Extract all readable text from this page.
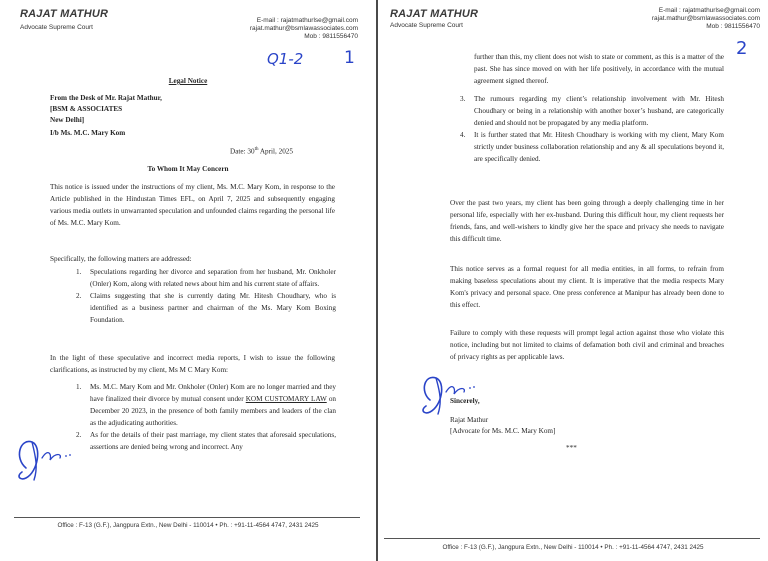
RAJAT MATHUR
Advocate Supreme Court
E-mail : rajatmathurlse@gmail.com
rajat.mathur@bsmlawassociates.com
Mob : 9811556470
Q1-2 1
Legal Notice
From the Desk of Mr. Rajat Mathur,
[BSM & ASSOCIATES
New Delhi]
I/b Ms. M.C. Mary Kom
Date: 30th April, 2025
To Whom It May Concern
This notice is issued under the instructions of my client, Ms. M.C. Mary Kom, in response to the Article published in the Hindustan Times EFL, on April 7, 2025 and subsequently engaging various media outlets in unwarranted speculation and unfounded claims regarding the personal life of Ms. M.C. Mary Kom.
Specifically, the following matters are addressed:
1. Speculations regarding her divorce and separation from her husband, Mr. Onkholer (Onler) Kom, along with related news about him and his current state of affairs.
2. Claims suggesting that she is currently dating Mr. Hitesh Choudhary, who is identified as a business partner and chairman of the Ms. Mary Kom Boxing Foundation.
In the light of these speculative and incorrect media reports, I wish to issue the following clarifications, as instructed by my client, Ms M C Mary Kom:
1. Ms. M.C. Mary Kom and Mr. Onkholer (Onler) Kom are no longer married and they have finalized their divorce by mutual consent under KOM CUSTOMARY LAW on December 20 2023, in the presence of both family members and leaders of the clan as the adjudicating authorities.
2. As for the details of their past marriage, my client states that aforesaid speculations, assertions are denied being wrong and incorrect. Any
Office : F-13 (G.F.), Jangpura Extn., New Delhi - 110014 • Ph. : +91-11-4564 4747, 2431 2425
RAJAT MATHUR
Advocate Supreme Court
E-mail : rajatmathurlse@gmail.com
rajat.mathur@bsmlawassociates.com
Mob : 9811556470
2
further than this, my client does not wish to state or comment, as this is a matter of the past. She has since moved on with her life positively, in accordance with the mutual agreement signed thereof.
3. The rumours regarding my client’s relationship involvement with Mr. Hitesh Choudhary or being in a relationship with another boxer’s husband, are categorically denied and should not be propagated by any media platform.
4. It is further stated that Mr. Hitesh Choudhary is working with my client, Mary Kom strictly under business collaboration relationship and any & all speculations beyond it, are specifically denied.
Over the past two years, my client has been going through a deeply challenging time in her personal life, especially with her ex-husband. During this difficult hour, my client requests her friends, fans, and well-wishers to kindly give her the space and privacy she needs to navigate this difficult time.
This notice serves as a formal request for all media entities, in all forms, to refrain from making baseless speculations about my client. It is imperative that the media respects Mary Kom's privacy and personal space. One press conference at Manipur has already been done to this effect.
Failure to comply with these requests will prompt legal action against those who violate this notice, including but not limited to claims of defamation both civil and criminal and breaches of privacy rights as per applicable laws.
Sincerely,
Rajat Mathur
[Advocate for Ms. M.C. Mary Kom]
***
Office : F-13 (G.F.), Jangpura Extn., New Delhi - 110014 • Ph. : +91-11-4564 4747, 2431 2425
